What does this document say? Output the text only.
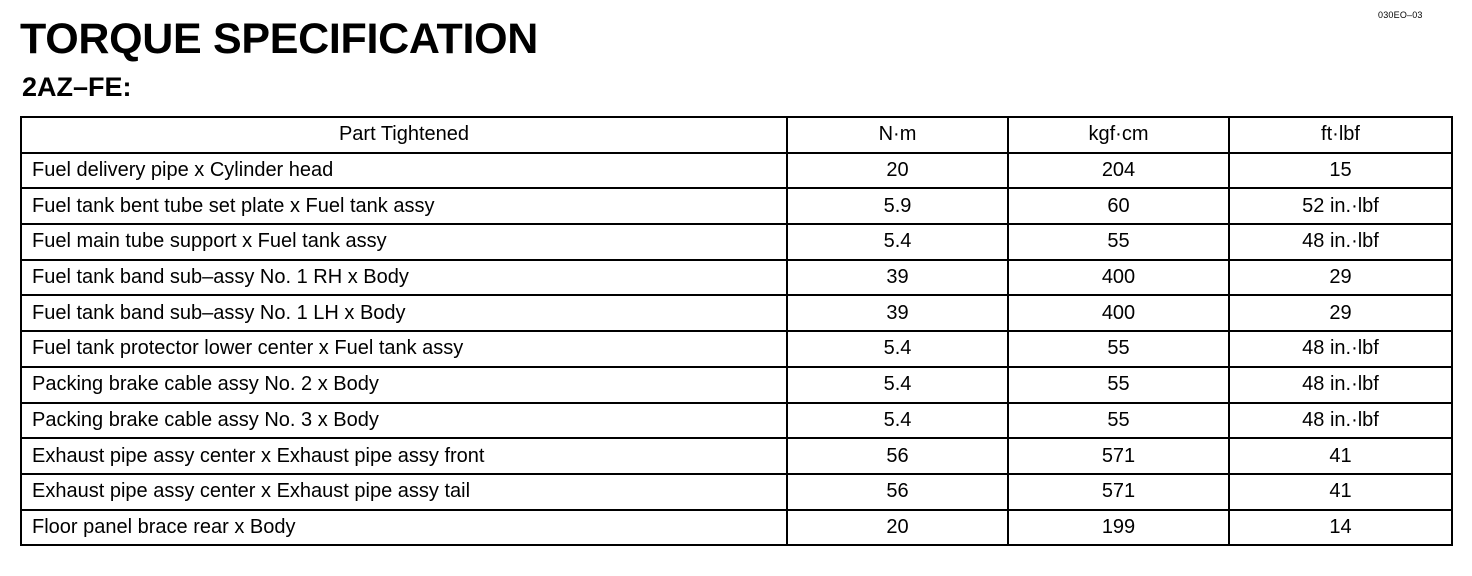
030EO–03
TORQUE SPECIFICATION
2AZ–FE:
Part Tightened	N·m	kgf·cm	ft·lbf
Fuel delivery pipe x Cylinder head	20	204	15
Fuel tank bent tube set plate x Fuel tank assy	5.9	60	52 in.·lbf
Fuel main tube support x Fuel tank assy	5.4	55	48 in.·lbf
Fuel tank band sub–assy No. 1 RH x Body	39	400	29
Fuel tank band sub–assy No. 1 LH x Body	39	400	29
Fuel tank protector lower center x Fuel tank assy	5.4	55	48 in.·lbf
Packing brake cable assy No. 2 x Body	5.4	55	48 in.·lbf
Packing brake cable assy No. 3 x Body	5.4	55	48 in.·lbf
Exhaust pipe assy center x Exhaust pipe assy front	56	571	41
Exhaust pipe assy center x Exhaust pipe assy tail	56	571	41
Floor panel brace rear x Body	20	199	14
